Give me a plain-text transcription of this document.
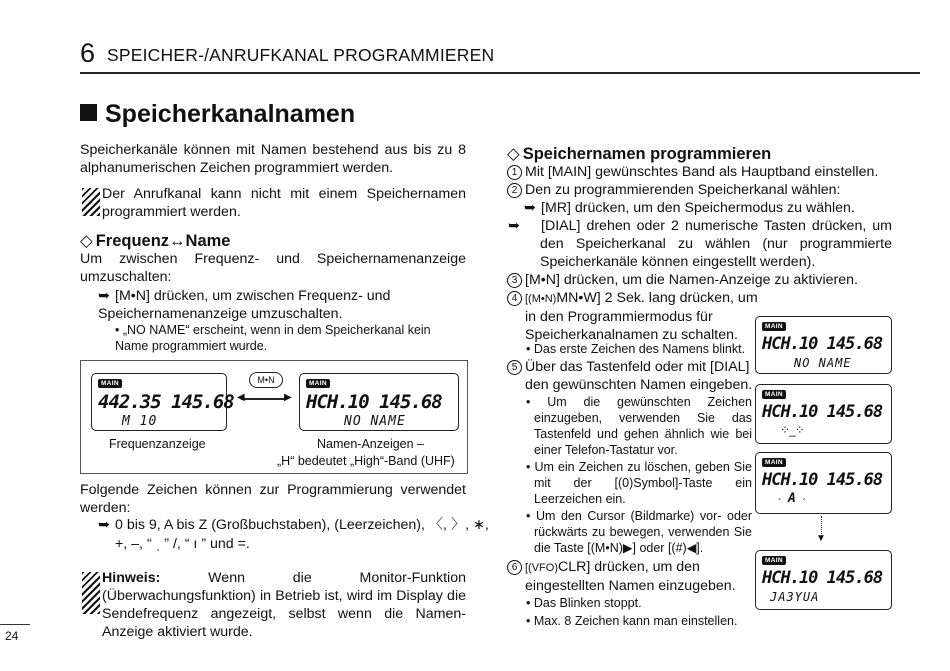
6 SPEICHER-/ANRUFKANAL PROGRAMMIEREN
Speicherkanalnamen
Speicherkanäle können mit Namen bestehend aus bis zu 8 alphanumerischen Zeichen programmiert werden.
Der Anrufkanal kann nicht mit einem Speichernamen programmiert werden.
◇ Frequenz↔Name
Um zwischen Frequenz- und Speichernamenanzeige umzuschalten:
➥ [M•N] drücken, um zwischen Frequenz- und Speichernamenanzeige umzuschalten.
• „NO NAME“ erscheint, wenn in dem Speicherkanal kein Name programmiert wurde.
MAIN
442.35 145.68
M 10
M•N
◀	▶
MAIN
HCH.10 145.68
NO NAME
Frequenzanzeige	Namen-Anzeigen –
„H“ bedeutet „High“-Band (UHF)
Folgende Zeichen können zur Programmierung verwendet werden:
➥ 0 bis 9, A bis Z (Großbuchstaben), (Leerzeichen), 〈, 〉, ∗,
+, –, “ ˌ ” /, “ ı ” und =.
Hinweis:	Wenn die Monitor-Funktion (Überwachungsfunktion) in Betrieb ist, wird im Display die Sendefrequenz angezeigt, selbst wenn die Namen-Anzeige aktiviert wurde.
24
◇ Speichernamen programmieren
1 Mit [MAIN] gewünschtes Band als Hauptband einstellen.
2 Den zu programmierenden Speicherkanal wählen:
➥ [MR] drücken, um den Speichermodus zu wählen.
➥ [DIAL] drehen oder 2 numerische Tasten drücken, um den Speicherkanal zu wählen (nur programmierte Speicherkanäle können eingestellt werden).
3 [M•N] drücken, um die Namen-Anzeige zu aktivieren.
4 [(M•N)MN•W] 2 Sek. lang drücken, um in den Programmiermodus für Speicherkanalnamen zu schalten.
• Das erste Zeichen des Namens blinkt.
5 Über das Tastenfeld oder mit [DIAL] den gewünschten Namen eingeben.
• Um die gewünschten Zeichen einzugeben, verwenden Sie das Tastenfeld und gehen ähnlich wie bei einer Telefon-Tastatur vor.
• Um ein Zeichen zu löschen, geben Sie mit der [(0)Symbol]-Taste ein Leerzeichen ein.
• Um den Cursor (Bildmarke) vor- oder rückwärts zu bewegen, verwenden Sie die Taste [(M•N)▶] oder [(#)◀].
6 [(VFO)CLR] drücken, um den eingestellten Namen einzugeben.
• Das Blinken stoppt.
• Max. 8 Zeichen kann man einstellen.
MAIN
HCH.10 145.68
NO NAME
MAIN
HCH.10 145.68
⁘_⁘
MAIN
HCH.10 145.68
ˎ A ˏ
▼
MAIN
HCH.10 145.68
JA3YUA
